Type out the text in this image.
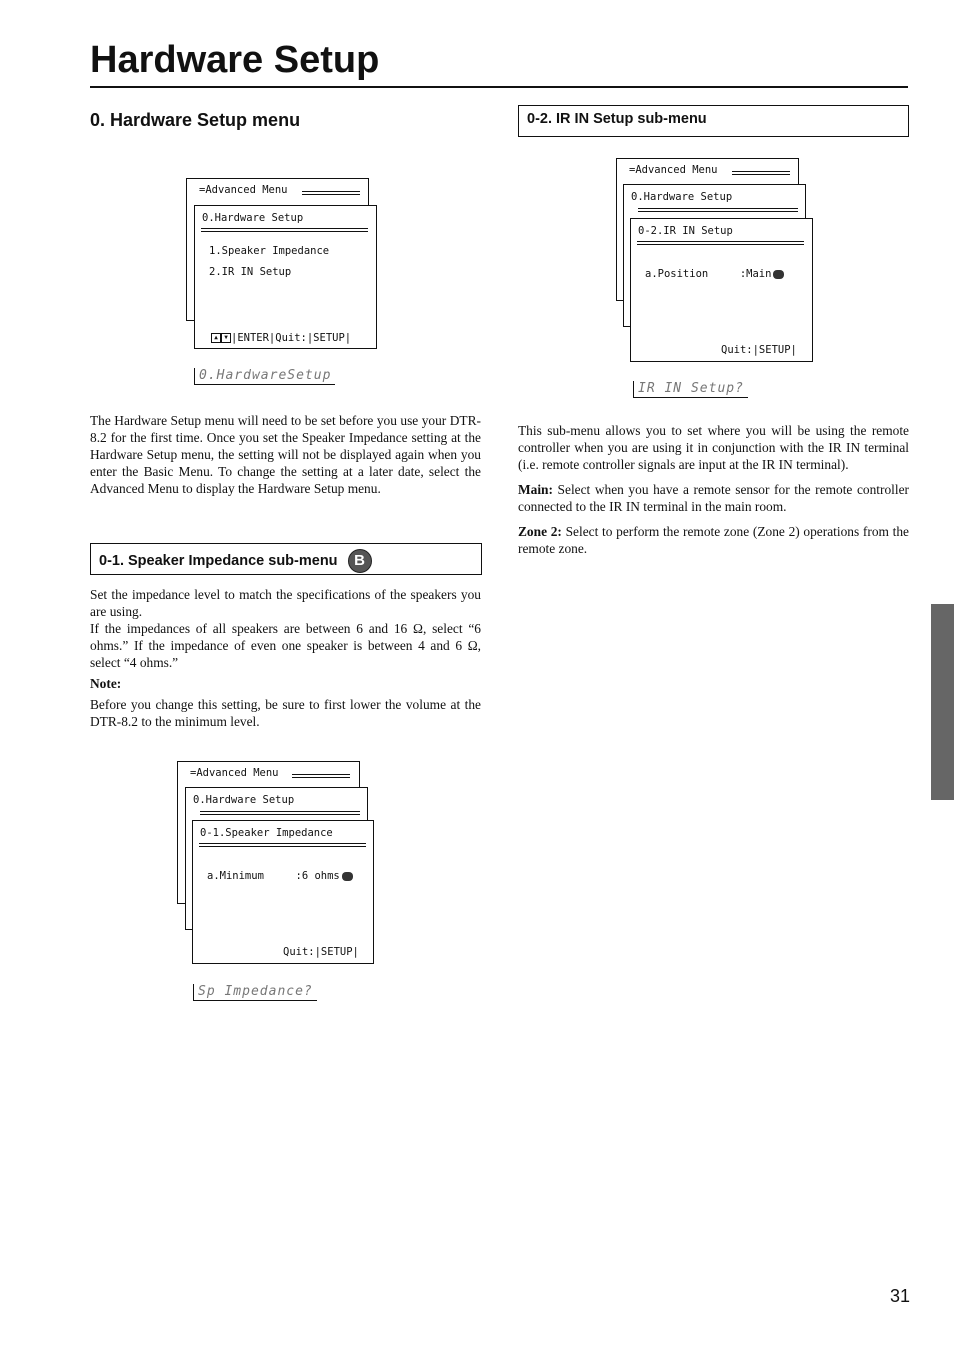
Hardware Setup
0. Hardware Setup menu
=Advanced Menu
0.Hardware Setup
1.Speaker Impedance
2.IR IN Setup
▲ ▼ |ENTER|Quit:|SETUP|
0.HardwareSetup
The Hardware Setup menu will need to be set before you use your DTR-8.2 for the first time. Once you set the Speaker Impedance setting at the Hardware Setup menu, the setting will not be displayed again when you enter the Basic Menu. To change the setting at a later date, select the Advanced Menu to display the Hardware Setup menu.
0-1. Speaker Impedance sub-menu B
Set the impedance level to match the specifications of the speakers you are using.
If the impedances of all speakers are between 6 and 16 Ω, select “6 ohms.” If the impedance of even one speaker is between 4 and 6 Ω, select “4 ohms.”
Note:
Before you change this setting, be sure to first lower the volume at the DTR-8.2 to the minimum level.
=Advanced Menu
0.Hardware Setup
0-1.Speaker Impedance
a.Minimum     :6 ohms
Quit:|SETUP|
Sp Impedance?
0-2. IR IN Setup sub-menu
=Advanced Menu
0.Hardware Setup
0-2.IR IN Setup
a.Position     :Main
Quit:|SETUP|
IR IN Setup?

This sub-menu allows you to set where you will be using the remote controller when you are using it in conjunction with the IR IN terminal (i.e. remote controller signals are input at the IR IN terminal).

Main: Select when you have a remote sensor for the remote controller connected to the IR IN terminal in the main room.

Zone 2: Select to perform the remote zone (Zone 2) operations from the remote zone.

31
